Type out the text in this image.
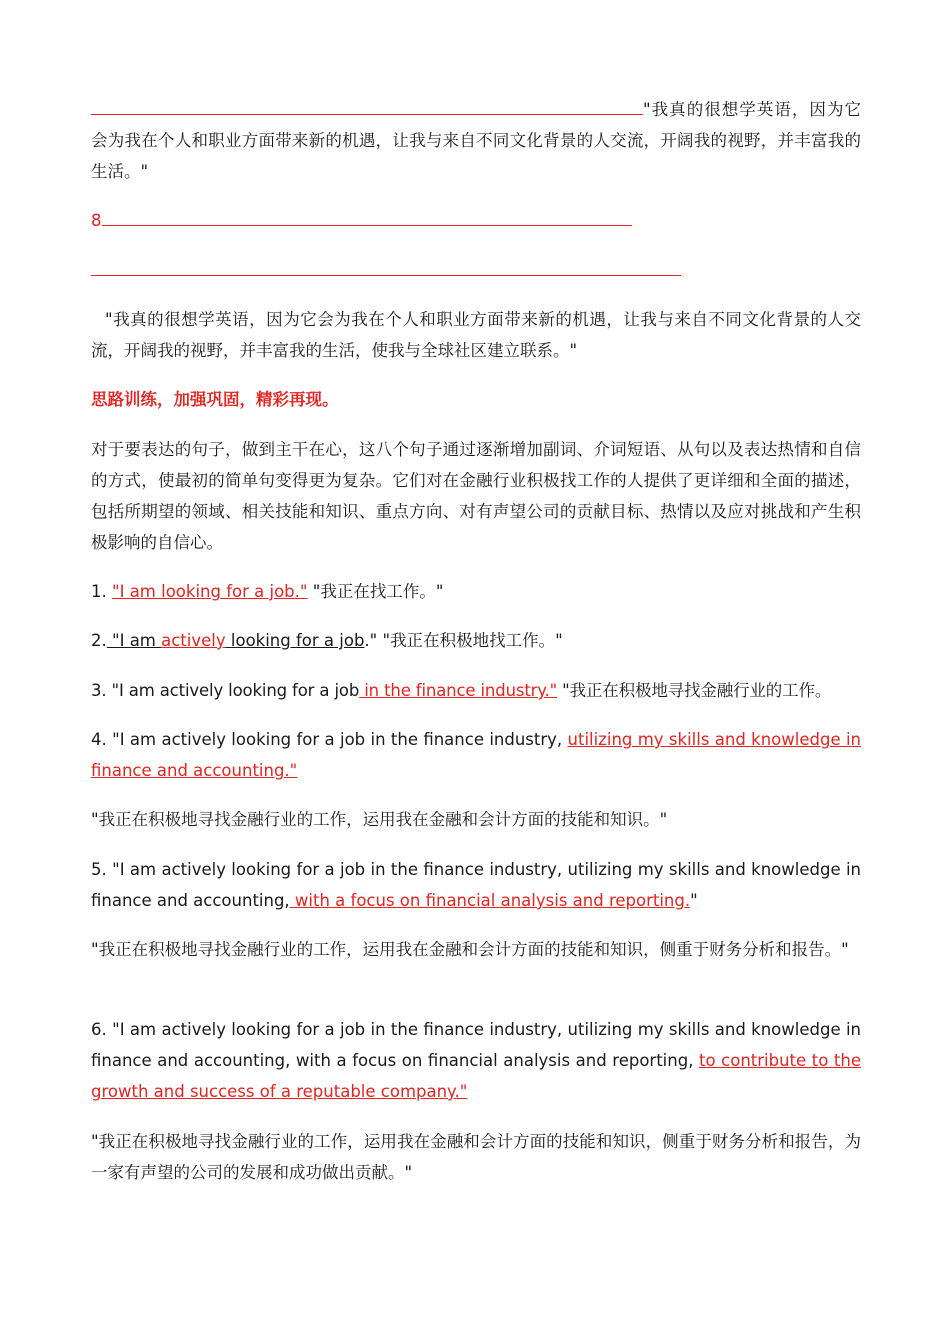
"我真的很想学英语，因为它会为我在个人和职业方面带来新的机遇，让我与来自不同文化背景的人交流，开阔我的视野，并丰富我的生活。"

8

"我真的很想学英语，因为它会为我在个人和职业方面带来新的机遇，让我与来自不同文化背景的人交流，开阔我的视野，并丰富我的生活，使我与全球社区建立联系。"

思路训练，加强巩固，精彩再现。

对于要表达的句子，做到主干在心，这八个句子通过逐渐增加副词、介词短语、从句以及表达热情和自信的方式，使最初的简单句变得更为复杂。它们对在金融行业积极找工作的人提供了更详细和全面的描述，包括所期望的领域、相关技能和知识、重点方向、对有声望公司的贡献目标、热情以及应对挑战和产生积极影响的自信心。

1. "I am looking for a job." "我正在找工作。"

2. "I am actively looking for a job." "我正在积极地找工作。"

3. "I am actively looking for a job in the finance industry." "我正在积极地寻找金融行业的工作。

4. "I am actively looking for a job in the finance industry, utilizing my skills and knowledge in finance and accounting."

"我正在积极地寻找金融行业的工作，运用我在金融和会计方面的技能和知识。"

5. "I am actively looking for a job in the finance industry, utilizing my skills and knowledge in finance and accounting, with a focus on financial analysis and reporting."

"我正在积极地寻找金融行业的工作，运用我在金融和会计方面的技能和知识，侧重于财务分析和报告。"

6. "I am actively looking for a job in the finance industry, utilizing my skills and knowledge in finance and accounting, with a focus on financial analysis and reporting, to contribute to the growth and success of a reputable company."

"我正在积极地寻找金融行业的工作，运用我在金融和会计方面的技能和知识，侧重于财务分析和报告，为一家有声望的公司的发展和成功做出贡献。"
